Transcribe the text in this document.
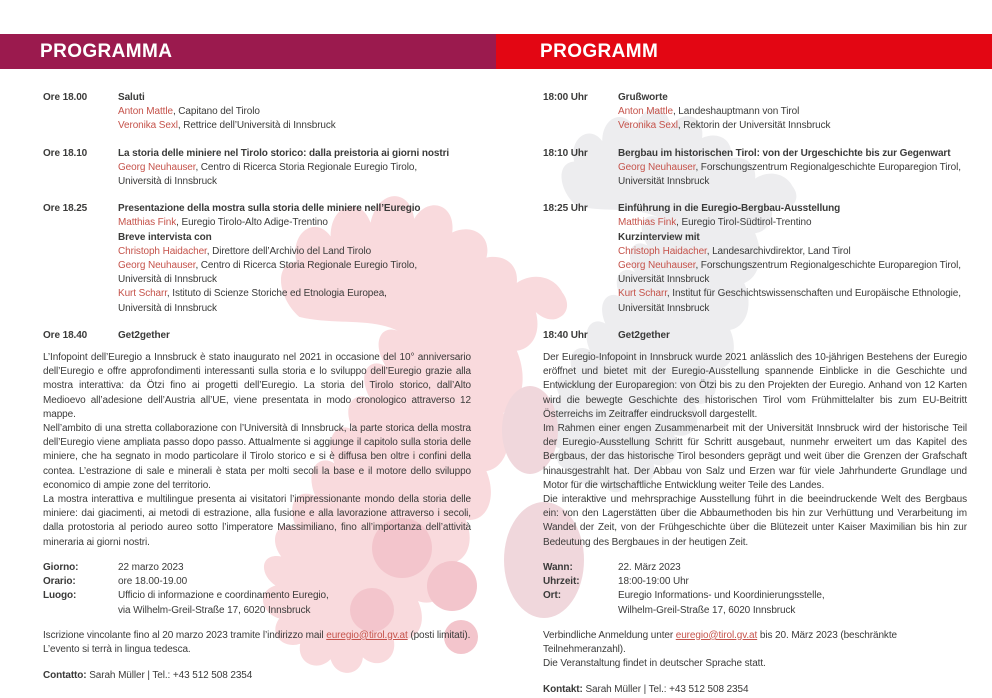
PROGRAMMA	PROGRAMM
Ore 18.00	Saluti
Anton Mattle, Capitano del Tirolo
Veronika Sexl, Rettrice dell’Università di Innsbruck
Ore 18.10	La storia delle miniere nel Tirolo storico: dalla preistoria ai giorni nostri
Georg Neuhauser, Centro di Ricerca Storia Regionale Euregio Tirolo,
Università di Innsbruck
Ore 18.25	Presentazione della mostra sulla storia delle miniere nell’Euregio
Matthias Fink, Euregio Tirolo-Alto Adige-Trentino
Breve intervista con
Christoph Haidacher, Direttore dell’Archivio del Land Tirolo
Georg Neuhauser, Centro di Ricerca Storia Regionale Euregio Tirolo,
Università di Innsbruck
Kurt Scharr, Istituto di Scienze Storiche ed Etnologia Europea,
Università di Innsbruck
Ore 18.40	Get2gether

L’Infopoint dell’Euregio a Innsbruck è stato inaugurato nel 2021 in occasione del 10° anniversario dell’Euregio e offre approfondimenti interessanti sulla storia e lo sviluppo dell’Euregio grazie alla mostra interattiva: da Ötzi fino ai progetti dell’Euregio. La storia del Tirolo storico, dall’Alto Medioevo all’adesione dell’Austria all’UE, viene presentata in modo cronologico attraverso 12 mappe.

Nell’ambito di una stretta collaborazione con l’Università di Innsbruck, la parte storica della mostra dell’Euregio viene ampliata passo dopo passo. Attualmente si aggiunge il capitolo sulla storia delle miniere, che ha segnato in modo particolare il Tirolo storico e si è diffusa ben oltre i confini della contea. L’estrazione di sale e minerali è stata per molti secoli la base e il motore dello sviluppo economico di ampie zone del territorio.

La mostra interattiva e multilingue presenta ai visitatori l’impressionante mondo della storia delle miniere: dai giacimenti, ai metodi di estrazione, alla fusione e alla lavorazione attraverso i secoli, dalla protostoria al periodo aureo sotto l’imperatore Massimiliano, fino all’importanza dell’attività mineraria ai giorni nostri.

Giorno:	22 marzo 2023
Orario:	ore 18.00-19.00
Luogo:	Ufficio di informazione e coordinamento Euregio,
via Wilhelm-Greil-Straße 17, 6020 Innsbruck
Iscrizione vincolante fino al 20 marzo 2023 tramite l’indirizzo mail euregio@tirol.gv.at (posti limitati).
L’evento si terrà in lingua tedesca.
Contatto: Sarah Müller | Tel.: +43 512 508 2354
18:00 Uhr	Grußworte
Anton Mattle, Landeshauptmann von Tirol
Veronika Sexl, Rektorin der Universität Innsbruck
18:10 Uhr	Bergbau im historischen Tirol: von der Urgeschichte bis zur Gegenwart
Georg Neuhauser, Forschungszentrum Regionalgeschichte Europaregion Tirol,
Universität Innsbruck
18:25 Uhr	Einführung in die Euregio-Bergbau-Ausstellung
Matthias Fink, Euregio Tirol-Südtirol-Trentino
Kurzinterview mit
Christoph Haidacher, Landesarchivdirektor, Land Tirol
Georg Neuhauser, Forschungszentrum Regionalgeschichte Europaregion Tirol,
Universität Innsbruck
Kurt Scharr, Institut für Geschichtswissenschaften und Europäische Ethnologie,
Universität Innsbruck
18:40 Uhr	Get2gether

Der Euregio-Infopoint in Innsbruck wurde 2021 anlässlich des 10-jährigen Bestehens der Euregio eröffnet und bietet mit der Euregio-Ausstellung spannende Einblicke in die Geschichte und Entwicklung der Europaregion: von Ötzi bis zu den Projekten der Euregio. Anhand von 12 Karten wird die bewegte Geschichte des historischen Tirol vom Frühmittelalter bis zum EU-Beitritt Österreichs im Zeitraffer eindrucksvoll dargestellt.

Im Rahmen einer engen Zusammenarbeit mit der Universität Innsbruck wird der historische Teil der Euregio-Ausstellung Schritt für Schritt ausgebaut, nunmehr erweitert um das Kapitel des Bergbaus, der das historische Tirol besonders geprägt und weit über die Grenzen der Grafschaft hinausgestrahlt hat. Der Abbau von Salz und Erzen war für viele Jahrhunderte Grundlage und Motor für die wirtschaftliche Entwicklung weiter Teile des Landes.

Die interaktive und mehrsprachige Ausstellung führt in die beeindruckende Welt des Bergbaus ein: von den Lagerstätten über die Abbaumethoden bis hin zur Verhüttung und Verarbeitung im Wandel der Zeit, von der Frühgeschichte über die Blütezeit unter Kaiser Maximilian bis hin zur Bedeutung des Bergbaues in der heutigen Zeit.

Wann:	22. März 2023
Uhrzeit:	18:00-19:00 Uhr
Ort:	Euregio Informations- und Koordinierungsstelle,
Wilhelm-Greil-Straße 17, 6020 Innsbruck
Verbindliche Anmeldung unter euregio@tirol.gv.at bis 20. März 2023 (beschränkte Teilnehmeranzahl).
Die Veranstaltung findet in deutscher Sprache statt.
Kontakt: Sarah Müller | Tel.: +43 512 508 2354
